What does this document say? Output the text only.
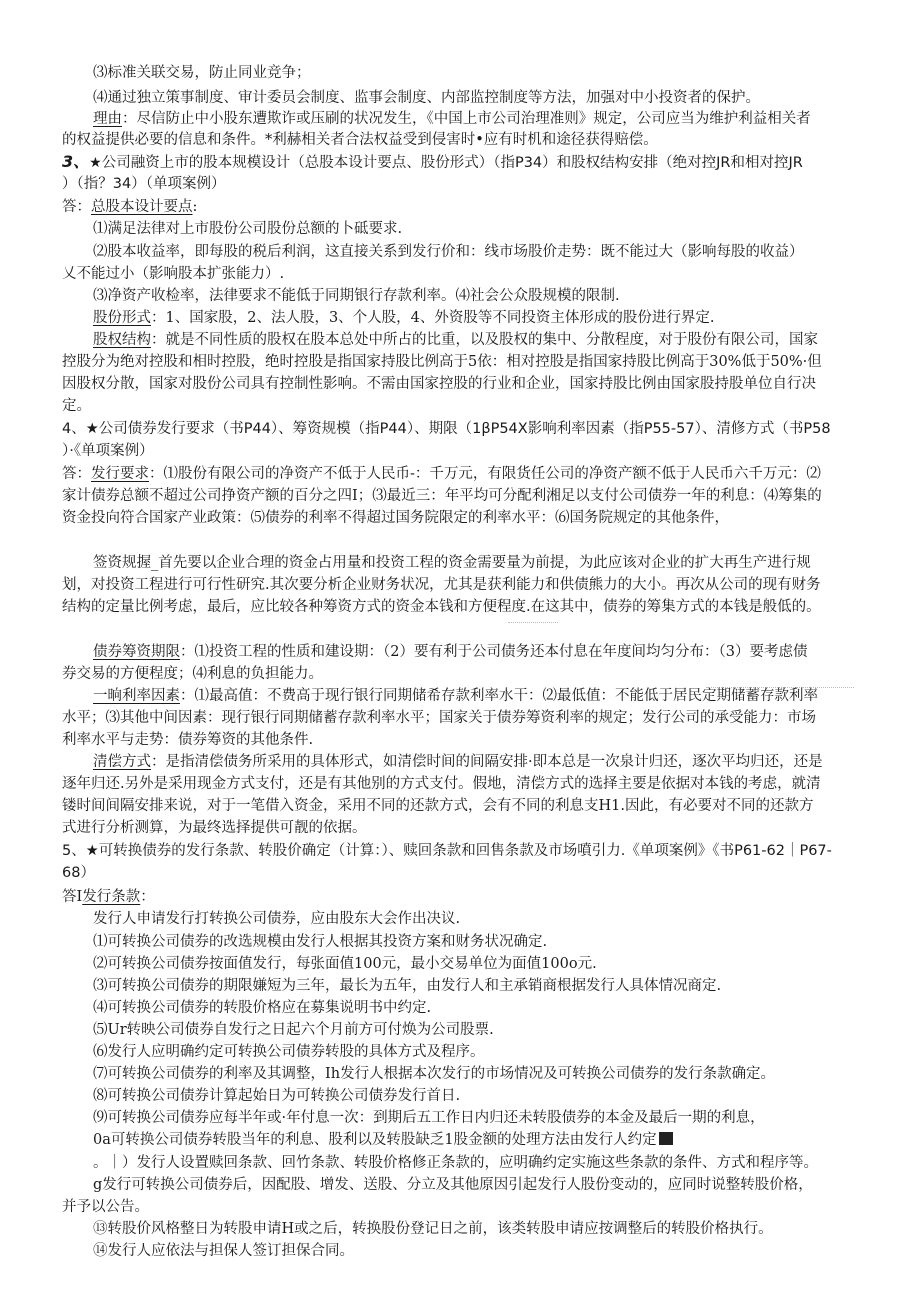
⑶标准关联交易，防止同业竞争；
⑷通过独立策事制度、审计委员会制度、监事会制度、内部监控制度等方法，加强对中小投资者的保护。
理由：尽信防止中小股东遭欺诈或压刷的状况发生，《中国上市公司治理准则》规定，公司应当为维护利益相关者
的权益提供必要的信息和条件。*利赫相关者合法权益受到侵害时•应有时机和途径获得赔偿。
3、★公司融资上市的股本规模设计（总股本设计要点、股份形式）（指P34）和股权结构安排（绝对控JR和相对控JR
）（指？34）（单项案例）
答：总股本设计要点:
⑴满足法律对上市股份公司股份总额的卜砥要求.
⑵股本收益率，即每股的税后利润，这直接关系到发行价和：线市场股价走势：既不能过大（影响每股的收益）
乂不能过小（影响股本扩张能力）.
⑶净资产收检率，法律要求不能低于同期银行存款利率。⑷社会公众股规模的限制.
股份形式：1、国家股，2、法人股，3、个人股，4、外资股等不同投资主体形成的股份进行界定.
股权结构：就是不同性质的股权在股本总处中所占的比重，以及股权的集中、分散程度，对于股份有限公司，国家
控股分为绝对控股和相时控股，绝时控股是指国家持股比例高于5依：相对控股是指国家持股比例高于30%低于50%·但
因股权分散，国家对股份公司具有控制性影响。不需由国家控股的行业和企业，国家持股比例由国家股持股单位自行决
定。
4、★公司债券发行要求（书P44）、筹资规模（指P44）、期限（1βP54X影响利率因素（指P55-57）、清修方式（书P58
）·《单项案例）
答：发行要求：⑴股份有限公司的净资产不低于人民币-：千万元，有限货任公司的净资产额不低于人民币六千万元：⑵
家计债券总额不超过公司挣资产额的百分之四I；⑶最近三：年平均可分配利湘足以支付公司债券一年的利息：⑷筹集的
资金投向符合国家产业政策：⑸债券的利率不得超过国务院限定的利率水平：⑹国务院规定的其他条件，
签资规握_首先要以企业合理的资金占用量和投资工程的资金需要量为前提，为此应该对企业的扩大再生产进行规
划，对投资工程进行可行性研究.其次要分析企业财务状况，尤其是获利能力和供债熊力的大小。再次从公司的现有财务
结构的定量比例考虑，最后，应比较各种筹资方式的资金本钱和方便程度.在这其中，债券的筹集方式的本钱是般低的。
债券筹资期限：⑴投资工程的性质和建设期：（2）要有利于公司债务还本付息在年度间均匀分布：（3）要考虑债
券交易的方便程度；⑷利息的负担能力。
一晌利率因素：⑴最高值：不费高于现行银行同期储希存款利率水干：⑵最低值：不能低于居民定期储蓄存款利率
水平；⑶其他中间因素：现行银行同期储蓄存款利率水平；国家关于债券筹资利率的规定；发行公司的承受能力：市场
利率水平与走势：债券筹资的其他条件.
清偿方式：是指清偿债务所采用的具体形式，如清偿时间的间隔安排·即本总是一次泉计归还，逐次平均归还，还是
逐年归还.另外是采用现金方式支付，还是有其他别的方式支付。假地，清偿方式的选择主要是依据对本钱的考虑，就清
镂时间间隔安排来说，对于一笔借入资金，采用不同的还款方式，会有不同的利息支H1.因此，有必要对不同的还款方
式进行分析测算，为最终选择提供可靓的依据。
5、★可转换债券的发行条款、转股价确定（计算：）、赎回条款和回售条款及市场噴引力.《单项案例》《书P61-62｜P67-
68）
答I发行条款：
发行人申请发行打转换公司债券，应由股东大会作出决议.
⑴可转换公司债券的改选规模由发行人根据其投资方案和财务状况确定.
⑵可转换公司债券按面值发行，每张面值100元，最小交易单位为面值100o元.
⑶可转换公司债券的期限嫌短为三年，最长为五年，由发行人和主承销商根据发行人具体情况商定.
⑷可转换公司债券的转股价格应在募集说明书中约定.
⑸Ur转映公司债券自发行之日起六个月前方可付焕为公司股票.
⑹发行人应明确约定可转换公司债券转股的具体方式及程序。
⑺可转换公司债券的利率及其调整，Ih发行人根据本次发行的市场情况及可转换公司债券的发行条款确定。
⑻可转换公司债券计算起始日为可转换公司债券发行首日.
⑼可转换公司债券应每半年或·年付息一次：到期后五工作日内归还未转股债券的本金及最后一期的利息，
0a可转换公司债券转股当年的利息、股利以及转股缺乏1股金额的处理方法由发行人约定
。｜）发行人设置赎回条款、回竹条款、转股价格修正条款的，应明确约定实施这些条款的条件、方式和程序等。
g发行可转换公司债券后，因配股、增发、送股、分立及其他原因引起发行人股份变动的，应同时说整转股价格，
并予以公告。
⑬转股价风格整日为转股申请H或之后，转换股份登记日之前，该类转股申请应按调整后的转股价格执行。
⑭发行人应依法与担保人签订担保合同。
